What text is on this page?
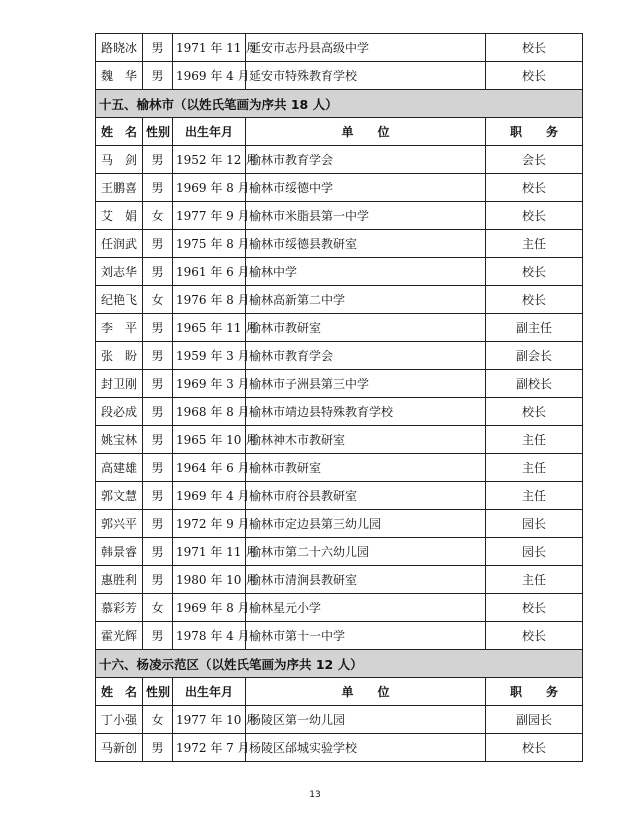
路晓冰	男	1971 年 11 月	延安市志丹县高级中学	校长
魏　华	男	1969 年 4 月	延安市特殊教育学校	校长
十五、榆林市（以姓氏笔画为序共 18 人）				
姓　名	性别	出生年月	单　　位	职　　务
马　剑	男	1952 年 12 月	榆林市教育学会	会长
王鹏喜	男	1969 年 8 月	榆林市绥德中学	校长
艾　娟	女	1977 年 9 月	榆林市米脂县第一中学	校长
任润武	男	1975 年 8 月	榆林市绥德县教研室	主任
刘志华	男	1961 年 6 月	榆林中学	校长
纪艳飞	女	1976 年 8 月	榆林高新第二中学	校长
李　平	男	1965 年 11 月	榆林市教研室	副主任
张　盼	男	1959 年 3 月	榆林市教育学会	副会长
封卫刚	男	1969 年 3 月	榆林市子洲县第三中学	副校长
段必成	男	1968 年 8 月	榆林市靖边县特殊教育学校	校长
姚宝林	男	1965 年 10 月	榆林神木市教研室	主任
高建雄	男	1964 年 6 月	榆林市教研室	主任
郭文慧	男	1969 年 4 月	榆林市府谷县教研室	主任
郭兴平	男	1972 年 9 月	榆林市定边县第三幼儿园	园长
韩景睿	男	1971 年 11 月	榆林市第二十六幼儿园	园长
惠胜利	男	1980 年 10 月	榆林市清涧县教研室	主任
慕彩芳	女	1969 年 8 月	榆林星元小学	校长
霍光辉	男	1978 年 4 月	榆林市第十一中学	校长
十六、杨凌示范区（以姓氏笔画为序共 12 人）				
姓　名	性别	出生年月	单　　位	职　　务
丁小强	女	1977 年 10 月	杨陵区第一幼儿园	副园长
马新创	男	1972 年 7 月	杨陵区邰城实验学校	校长
13
